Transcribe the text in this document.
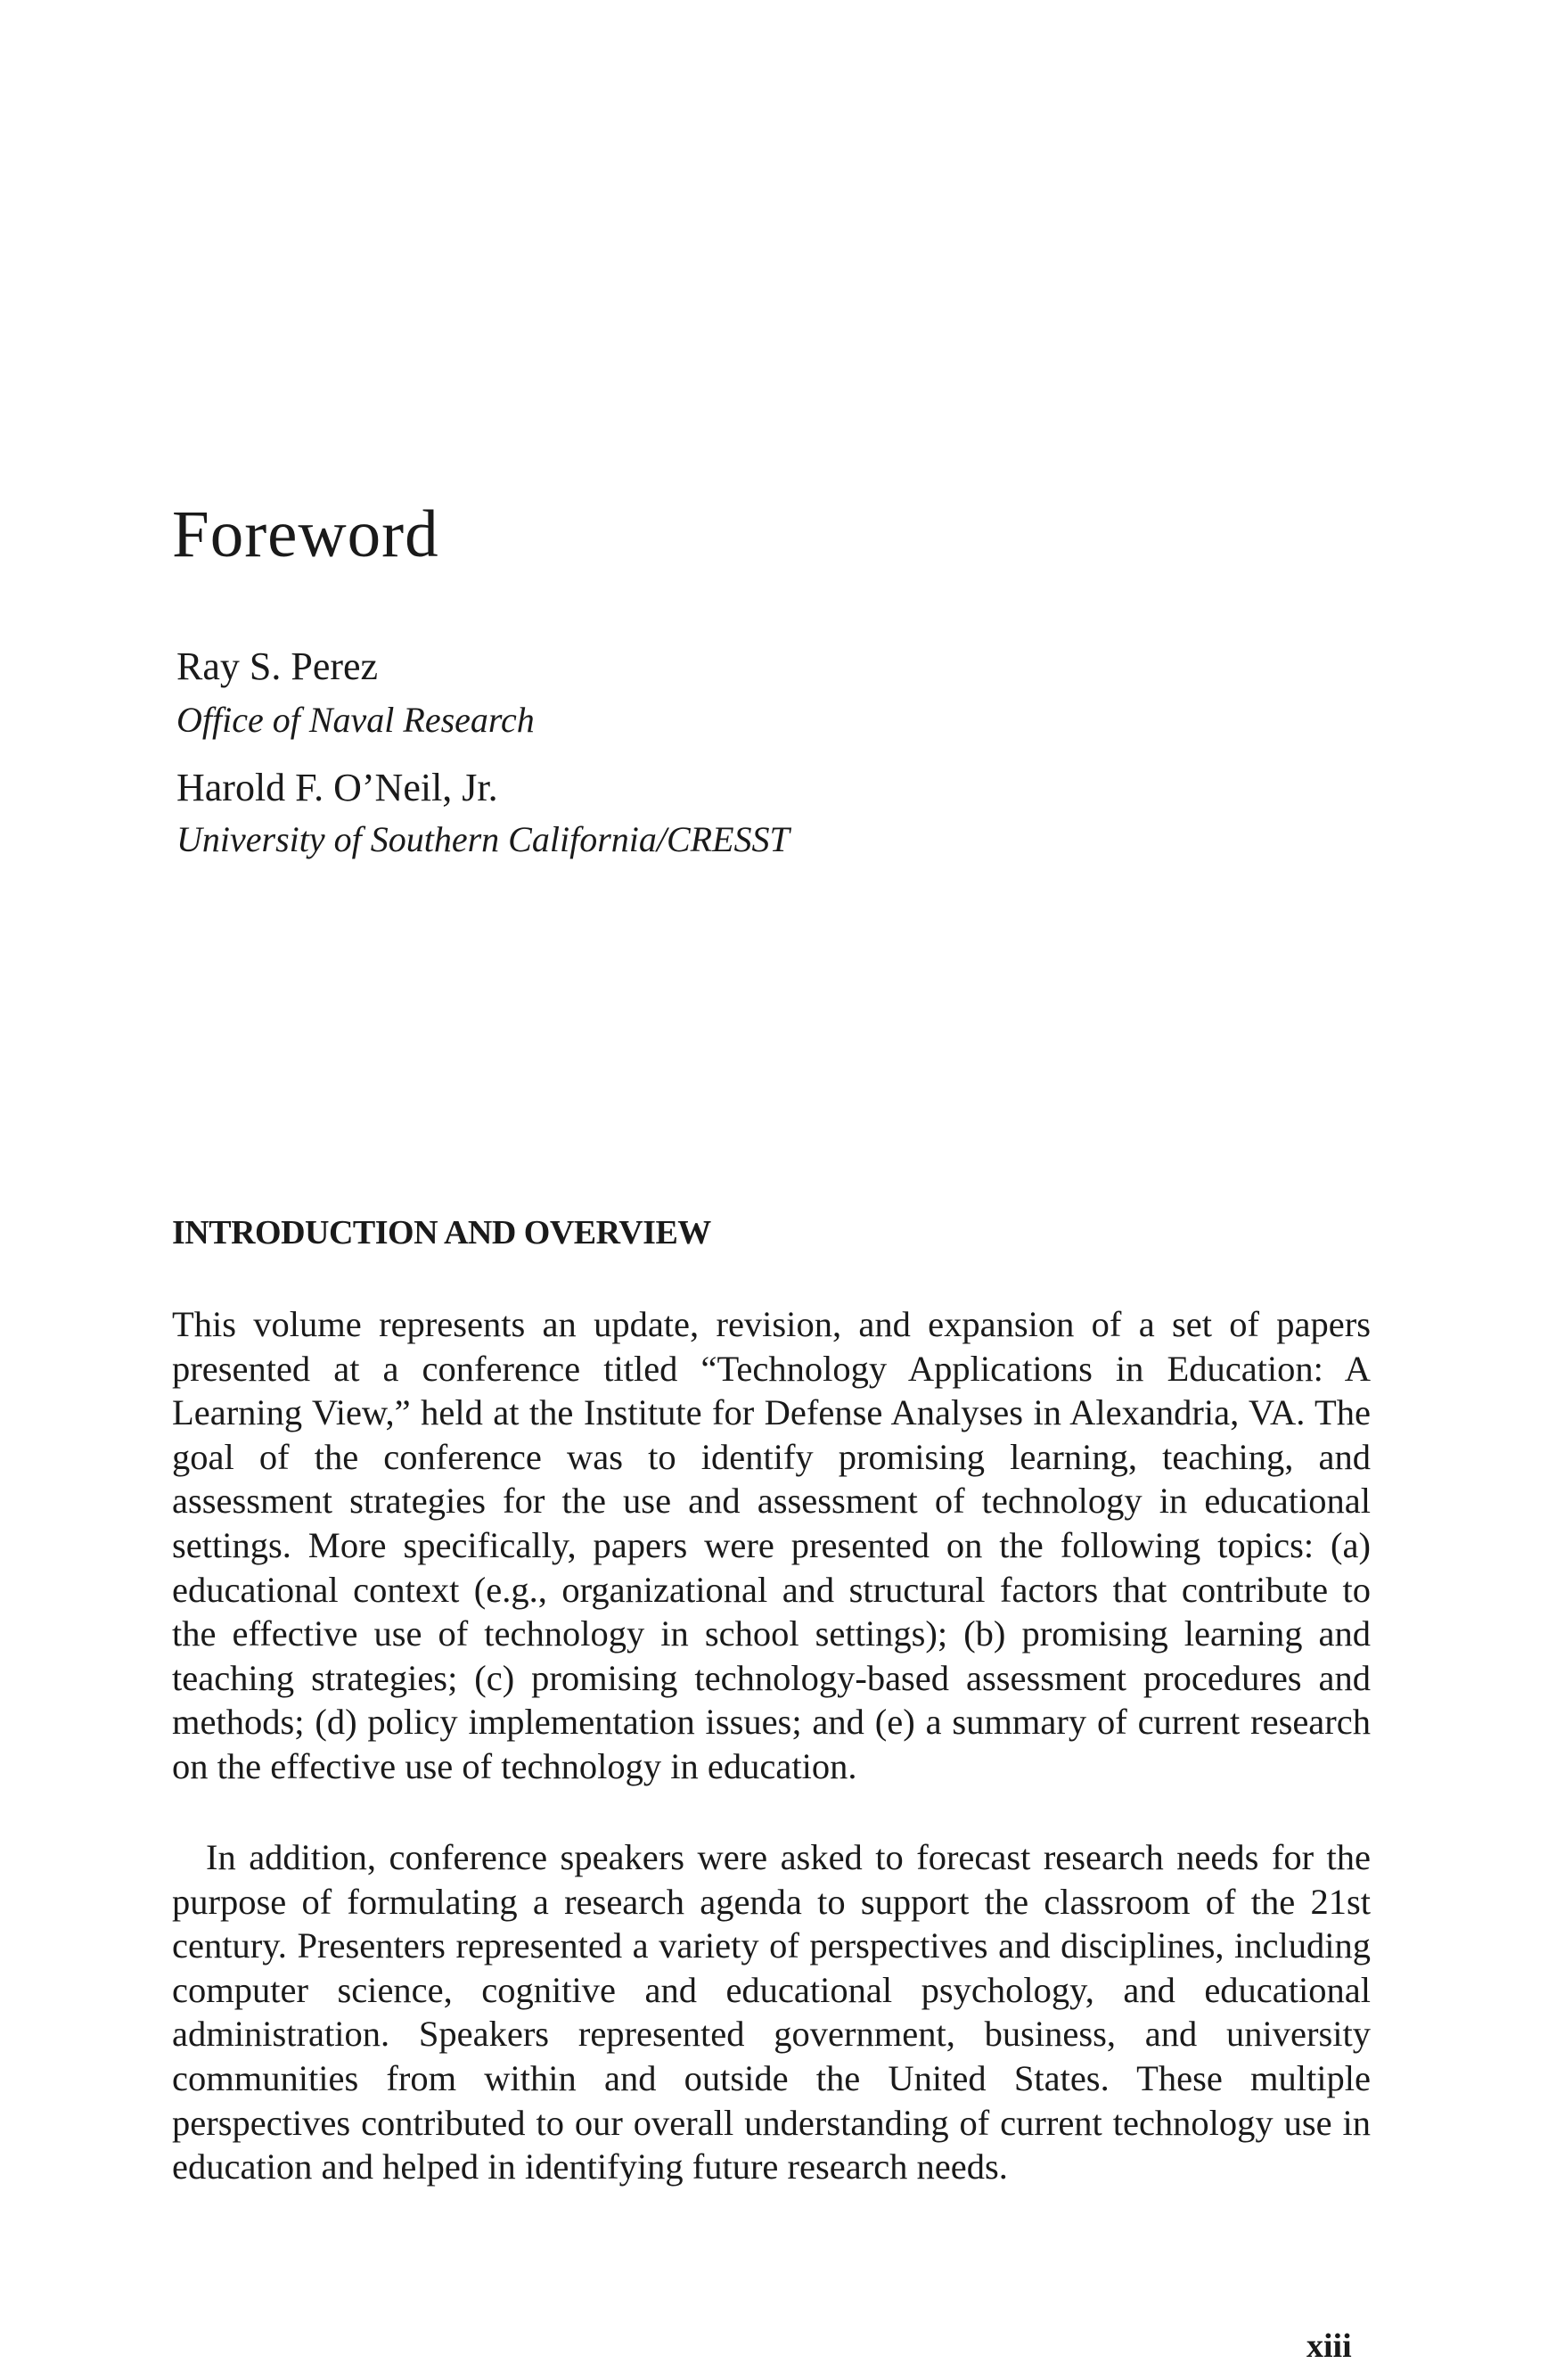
Foreword

Ray S. Perez

Office of Naval Research

Harold F. O’Neil, Jr.

University of Southern California/CRESST

INTRODUCTION AND OVERVIEW

This volume represents an update, revision, and expansion of a set of papers presented at a conference titled “Technology Applications in Education: A Learning View,” held at the Institute for Defense Analyses in Alexandria, VA. The goal of the conference was to identify promising learning, teaching, and assessment strategies for the use and assessment of technology in educational settings. More specifically, papers were presented on the following topics: (a) educational context (e.g., organizational and structural factors that contribute to the effective use of technology in school settings); (b) promising learning and teaching strategies; (c) promising technology-based assessment procedures and methods; (d) policy implementation issues; and (e) a summary of current research on the effective use of technology in education.

In addition, conference speakers were asked to forecast research needs for the purpose of formulating a research agenda to support the classroom of the 21st century. Presenters represented a variety of perspectives and disciplines, including computer science, cognitive and educational psychology, and educational administration. Speakers represented government, business, and university communities from within and outside the United States. These multiple perspectives contributed to our overall understanding of current technology use in education and helped in identifying future research needs.

xiii
